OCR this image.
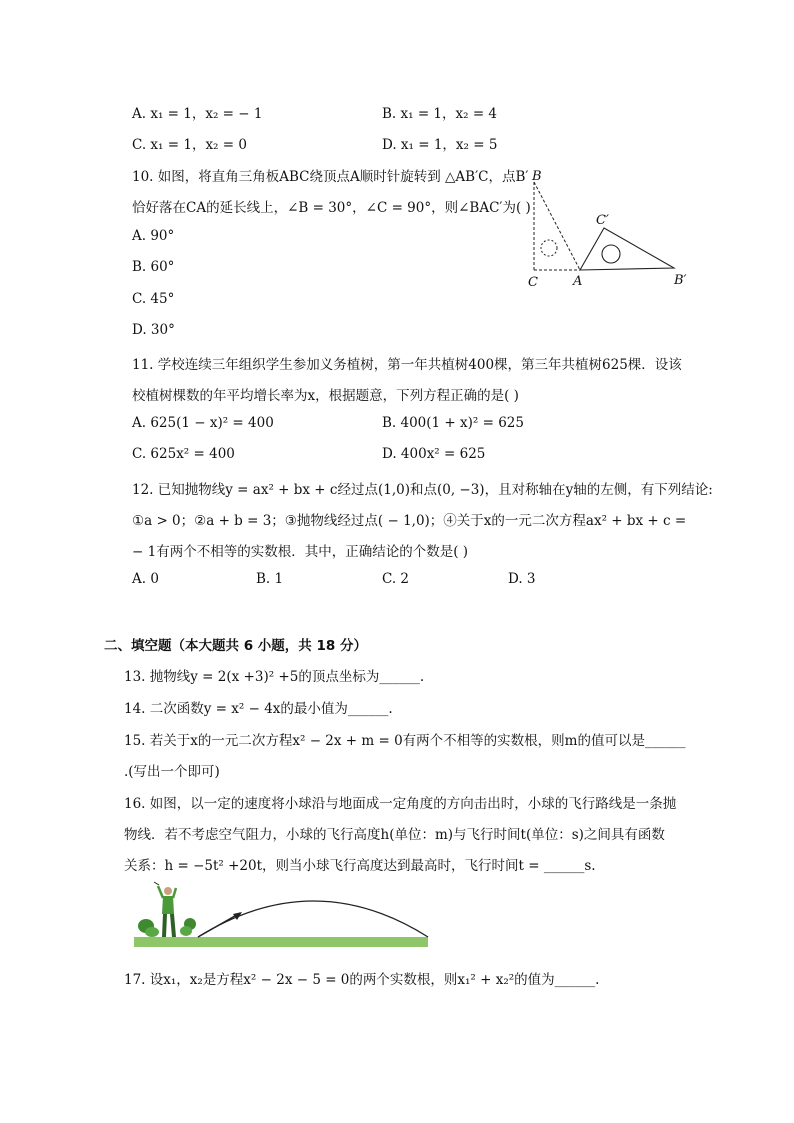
A. x₁ = 1，x₂ = − 1	B. x₁ = 1，x₂ = 4
C. x₁ = 1，x₂ = 0	D. x₁ = 1，x₂ = 5
10. 如图，将直角三角板ABC绕顶点A顺时针旋转到 △AB′C，点B′
恰好落在CA的延长线上，∠B = 30°，∠C = 90°，则∠BAC′为( )
A. 90°
B. 60°
C. 45°
D. 30°
B
C	A
C′
B′
11. 学校连续三年组织学生参加义务植树，第一年共植树400棵，第三年共植树625棵．设该
校植树棵数的年平均增长率为x，根据题意，下列方程正确的是( )
A. 625(1 − x)² = 400	B. 400(1 + x)² = 625
C. 625x² = 400	D. 400x² = 625
12. 已知抛物线y = ax² + bx + c经过点(1,0)和点(0, −3)，且对称轴在y轴的左侧，有下列结论:
①a > 0；②a + b = 3；③抛物线经过点( − 1,0)；④关于x的一元二次方程ax² + bx + c =
− 1有两个不相等的实数根．其中，正确结论的个数是( )
A. 0	B. 1	C. 2	D. 3
二、填空题（本大题共 6 小题，共 18 分）
13. 抛物线y = 2(x +3)² +5的顶点坐标为______.
14. 二次函数y = x² − 4x的最小值为______.
15. 若关于x的一元二次方程x² − 2x + m = 0有两个不相等的实数根，则m的值可以是______
.(写出一个即可)
16. 如图，以一定的速度将小球沿与地面成一定角度的方向击出时，小球的飞行路线是一条抛
物线．若不考虑空气阻力，小球的飞行高度h(单位：m)与飞行时间t(单位：s)之间具有函数
关系：h = −5t² +20t，则当小球飞行高度达到最高时，飞行时间t = ______s.
17. 设x₁，x₂是方程x² − 2x − 5 = 0的两个实数根，则x₁² + x₂²的值为______.
